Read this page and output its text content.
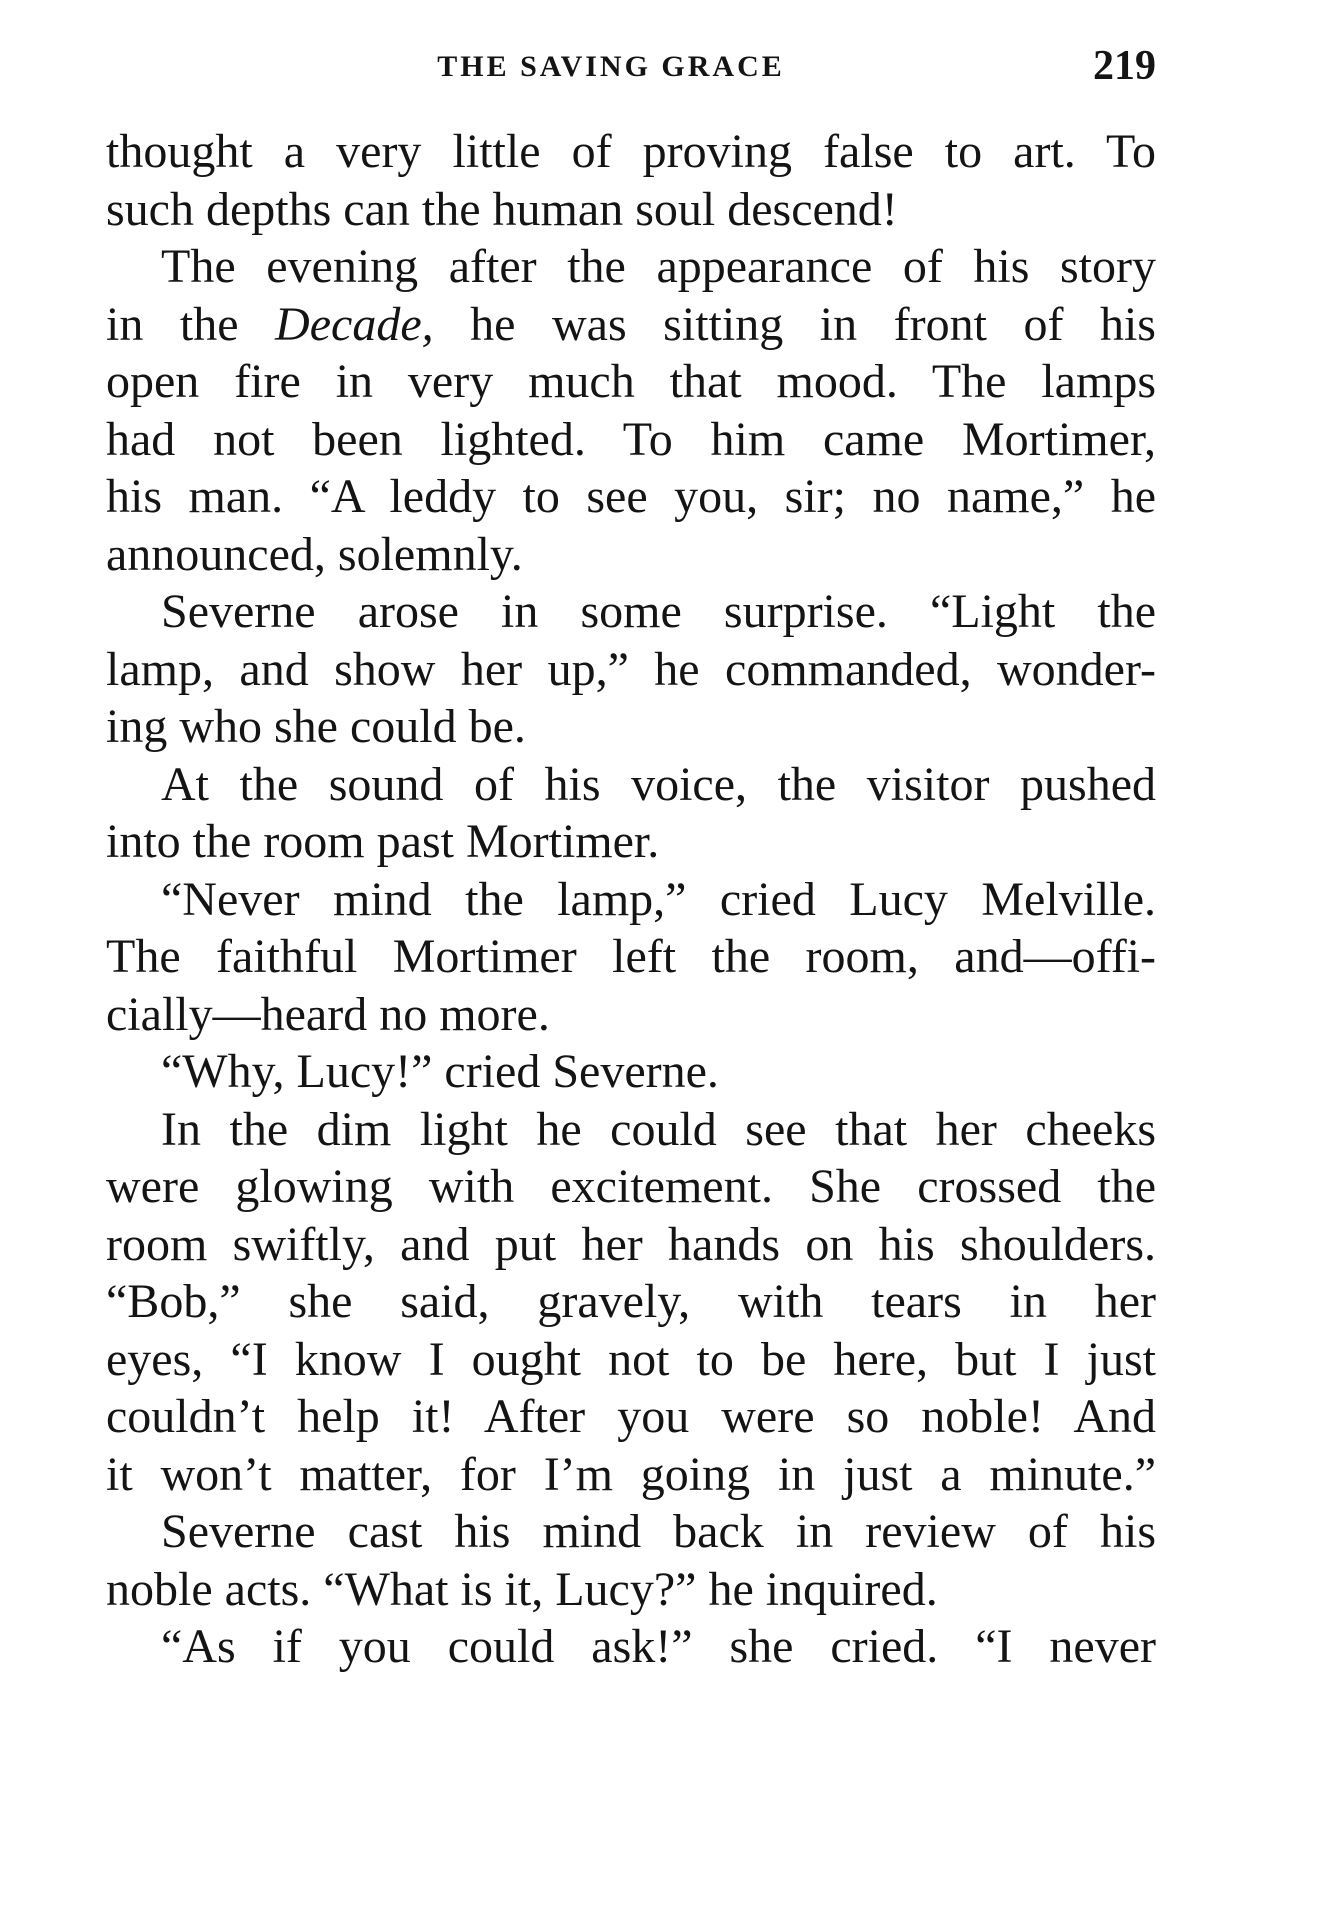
THE SAVING GRACE	219
thought a very little of proving false to art. To
such depths can the human soul descend!
The evening after the appearance of his story
in the Decade, he was sitting in front of his
open fire in very much that mood. The lamps
had not been lighted. To him came Mortimer,
his man. “A leddy to see you, sir; no name,” he
announced, solemnly.
Severne arose in some surprise. “Light the
lamp, and show her up,” he commanded, wonder-
ing who she could be.
At the sound of his voice, the visitor pushed
into the room past Mortimer.
“Never mind the lamp,” cried Lucy Melville.
The faithful Mortimer left the room, and—offi-
cially—heard no more.
“Why, Lucy!” cried Severne.
In the dim light he could see that her cheeks
were glowing with excitement. She crossed the
room swiftly, and put her hands on his shoulders.
“Bob,” she said, gravely, with tears in her
eyes, “I know I ought not to be here, but I just
couldn’t help it! After you were so noble! And
it won’t matter, for I’m going in just a minute.”
Severne cast his mind back in review of his
noble acts. “What is it, Lucy?” he inquired.
“As if you could ask!” she cried. “I never
